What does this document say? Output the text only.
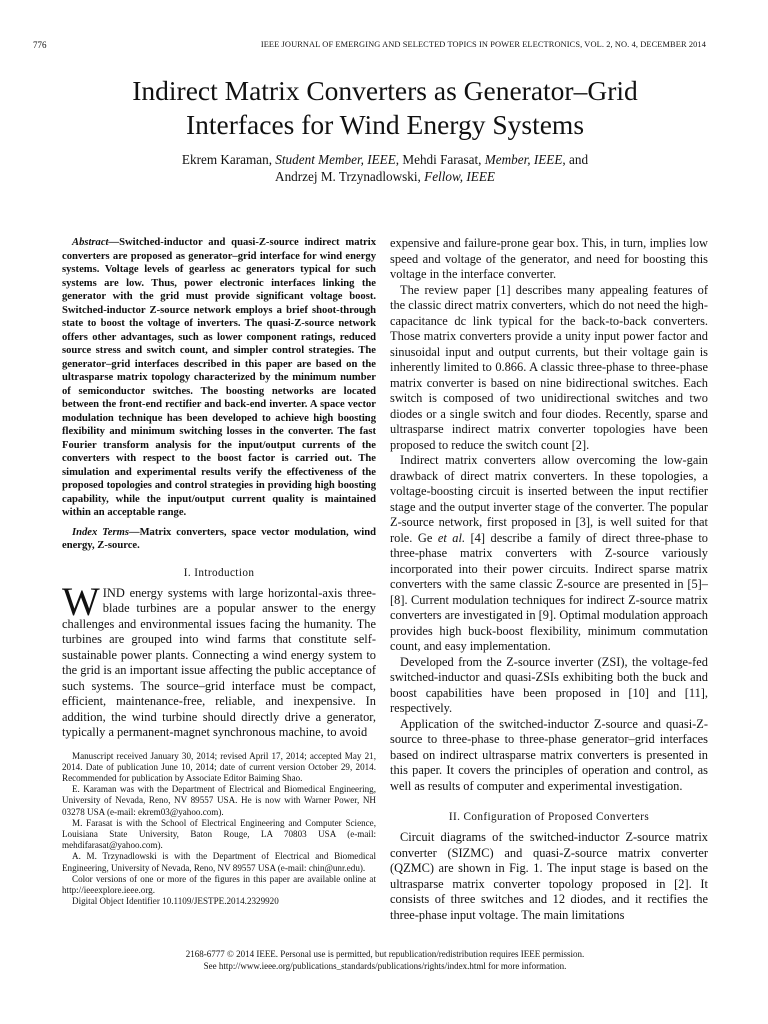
776	IEEE JOURNAL OF EMERGING AND SELECTED TOPICS IN POWER ELECTRONICS, VOL. 2, NO. 4, DECEMBER 2014
Indirect Matrix Converters as Generator–Grid
Interfaces for Wind Energy Systems
Ekrem Karaman, Student Member, IEEE, Mehdi Farasat, Member, IEEE, and
Andrzej M. Trzynadlowski, Fellow, IEEE

Abstract—Switched-inductor and quasi-Z-source indirect matrix converters are proposed as generator–grid interface for wind energy systems. Voltage levels of gearless ac generators typical for such systems are low. Thus, power electronic interfaces linking the generator with the grid must provide significant voltage boost. Switched-inductor Z-source network employs a brief shoot-through state to boost the voltage of inverters. The quasi-Z-source network offers other advantages, such as lower component ratings, reduced source stress and switch count, and simpler control strategies. The generator–grid interfaces described in this paper are based on the ultrasparse matrix topology characterized by the minimum number of semiconductor switches. The boosting networks are located between the front-end rectifier and back-end inverter. A space vector modulation technique has been developed to achieve high boosting flexibility and minimum switching losses in the converter. The fast Fourier transform analysis for the input/output currents of the converters with respect to the boost factor is carried out. The simulation and experimental results verify the effectiveness of the proposed topologies and control strategies in providing high boosting capability, while the input/output current quality is maintained within an acceptable range.

Index Terms—Matrix converters, space vector modulation, wind energy, Z-source.

I. Introduction

WIND energy systems with large horizontal-axis three-blade turbines are a popular answer to the energy challenges and environmental issues facing the humanity. The turbines are grouped into wind farms that constitute self-sustainable power plants. Connecting a wind energy system to the grid is an important issue affecting the public acceptance of such systems. The source–grid interface must be compact, efficient, maintenance-free, reliable, and inexpensive. In addition, the wind turbine should directly drive a generator, typically a permanent-magnet synchronous machine, to avoid

Manuscript received January 30, 2014; revised April 17, 2014; accepted May 21, 2014. Date of publication June 10, 2014; date of current version October 29, 2014. Recommended for publication by Associate Editor Baiming Shao.

E. Karaman was with the Department of Electrical and Biomedical Engineering, University of Nevada, Reno, NV 89557 USA. He is now with Warner Power, NH 03278 USA (e-mail: ekrem03@yahoo.com).

M. Farasat is with the School of Electrical Engineering and Computer Science, Louisiana State University, Baton Rouge, LA 70803 USA (e-mail: mehdifarasat@yahoo.com).

A. M. Trzynadlowski is with the Department of Electrical and Biomedical Engineering, University of Nevada, Reno, NV 89557 USA (e-mail: chin@unr.edu).

Color versions of one or more of the figures in this paper are available online at http://ieeexplore.ieee.org.

Digital Object Identifier 10.1109/JESTPE.2014.2329920

expensive and failure-prone gear box. This, in turn, implies low speed and voltage of the generator, and need for boosting this voltage in the interface converter.

The review paper [1] describes many appealing features of the classic direct matrix converters, which do not need the high-capacitance dc link typical for the back-to-back converters. Those matrix converters provide a unity input power factor and sinusoidal input and output currents, but their voltage gain is inherently limited to 0.866. A classic three-phase to three-phase matrix converter is based on nine bidirectional switches. Each switch is composed of two unidirectional switches and two diodes or a single switch and four diodes. Recently, sparse and ultrasparse indirect matrix converter topologies have been proposed to reduce the switch count [2].

Indirect matrix converters allow overcoming the low-gain drawback of direct matrix converters. In these topologies, a voltage-boosting circuit is inserted between the input rectifier stage and the output inverter stage of the converter. The popular Z-source network, first proposed in [3], is well suited for that role. Ge et al. [4] describe a family of direct three-phase to three-phase matrix converters with Z-source variously incorporated into their power circuits. Indirect sparse matrix converters with the same classic Z-source are presented in [5]–[8]. Current modulation techniques for indirect Z-source matrix converters are investigated in [9]. Optimal modulation approach provides high buck-boost flexibility, minimum commutation count, and easy implementation.

Developed from the Z-source inverter (ZSI), the voltage-fed switched-inductor and quasi-ZSIs exhibiting both the buck and boost capabilities have been proposed in [10] and [11], respectively.

Application of the switched-inductor Z-source and quasi-Z-source to three-phase to three-phase generator–grid interfaces based on indirect ultrasparse matrix converters is presented in this paper. It covers the principles of operation and control, as well as results of computer and experimental investigation.

II. Configuration of Proposed Converters

Circuit diagrams of the switched-inductor Z-source matrix converter (SIZMC) and quasi-Z-source matrix converter (QZMC) are shown in Fig. 1. The input stage is based on the ultrasparse matrix converter topology proposed in [2]. It consists of three switches and 12 diodes, and it rectifies the three-phase input voltage. The main limitations

2168-6777 © 2014 IEEE. Personal use is permitted, but republication/redistribution requires IEEE permission.
See http://www.ieee.org/publications_standards/publications/rights/index.html for more information.
